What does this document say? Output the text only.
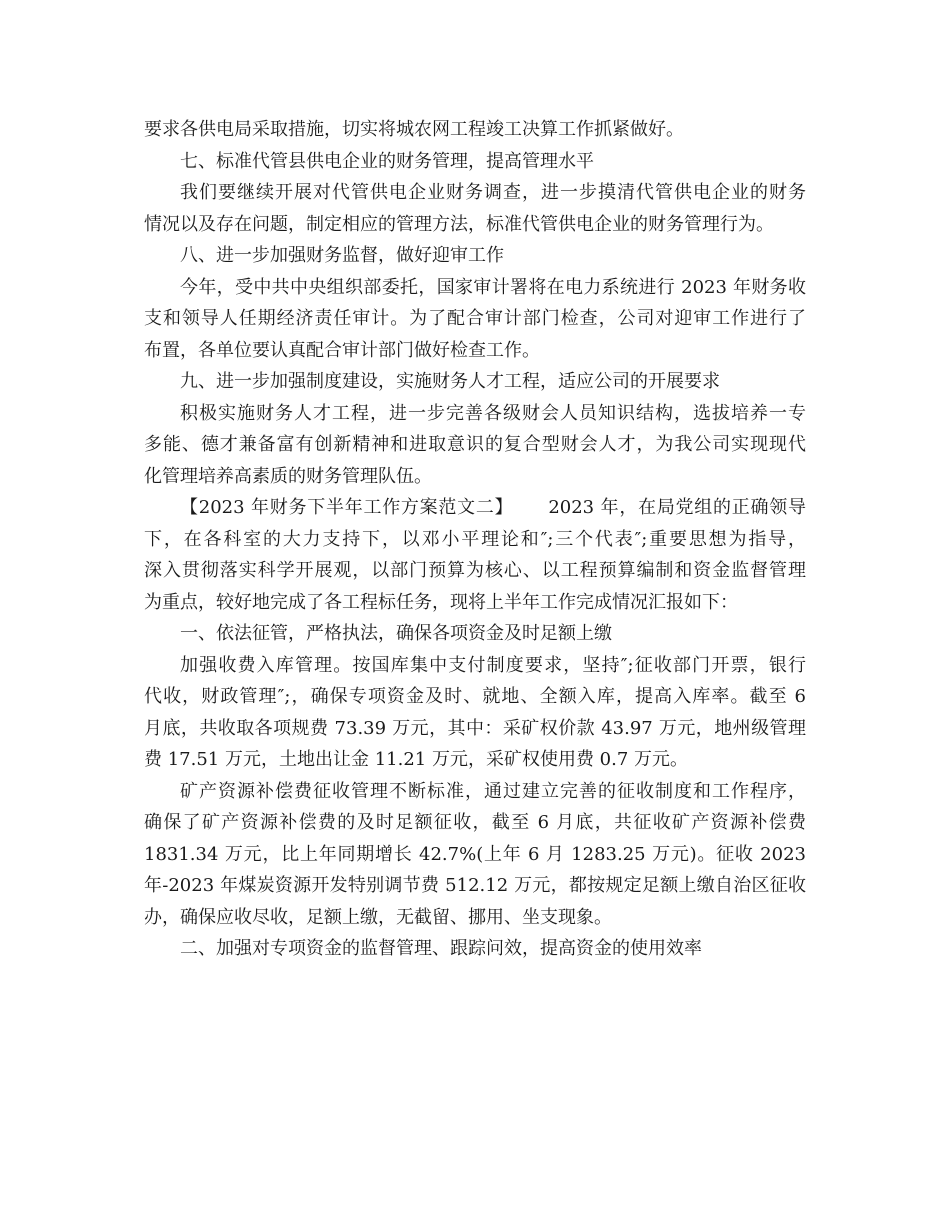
要求各供电局采取措施，切实将城农网工程竣工决算工作抓紧做好。
七、标准代管县供电企业的财务管理，提高管理水平
我们要继续开展对代管供电企业财务调查，进一步摸清代管供电企业的财务
情况以及存在问题，制定相应的管理方法，标准代管供电企业的财务管理行为。
八、进一步加强财务监督，做好迎审工作
今年，受中共中央组织部委托，国家审计署将在电力系统进行 2023 年财务收
支和领导人任期经济责任审计。为了配合审计部门检查，公司对迎审工作进行了
布置，各单位要认真配合审计部门做好检查工作。
九、进一步加强制度建设，实施财务人才工程，适应公司的开展要求
积极实施财务人才工程，进一步完善各级财会人员知识结构，选拔培养一专
多能、德才兼备富有创新精神和进取意识的复合型财会人才，为我公司实现现代
化管理培养高素质的财务管理队伍。
【2023 年财务下半年工作方案范文二】　　 2023 年，在局党组的正确领导
下，在各科室的大力支持下，以邓小平理论和″;三个代表″;重要思想为指导，
深入贯彻落实科学开展观，以部门预算为核心、以工程预算编制和资金监督管理
为重点，较好地完成了各工程标任务，现将上半年工作完成情况汇报如下：
一、依法征管，严格执法，确保各项资金及时足额上缴
加强收费入库管理。按国库集中支付制度要求，坚持″;征收部门开票，银行
代收，财政管理″;，确保专项资金及时、就地、全额入库，提高入库率。截至 6
月底，共收取各项规费 73.39 万元，其中：采矿权价款 43.97 万元，地州级管理
费 17.51 万元，土地出让金 11.21 万元，采矿权使用费 0.7 万元。
矿产资源补偿费征收管理不断标准，通过建立完善的征收制度和工作程序，
确保了矿产资源补偿费的及时足额征收，截至 6 月底，共征收矿产资源补偿费
1831.34 万元，比上年同期增长 42.7%(上年 6 月 1283.25 万元)。征收 2023
年-2023 年煤炭资源开发特别调节费 512.12 万元，都按规定足额上缴自治区征收
办，确保应收尽收，足额上缴，无截留、挪用、坐支现象。
二、加强对专项资金的监督管理、跟踪问效，提高资金的使用效率
